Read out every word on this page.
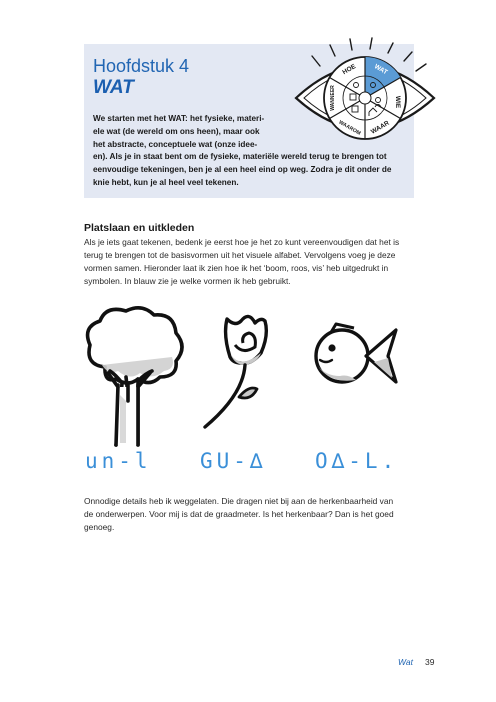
Hoofdstuk 4
WAT
We starten met het WAT: het fysieke, materi-
ele wat (de wereld om ons heen), maar ook
het abstracte, conceptuele wat (onze idee-
en). Als je in staat bent om de fysieke, materiële wereld terug te brengen tot
eenvoudige tekeningen, ben je al een heel eind op weg. Zodra je dit onder de
knie hebt, kun je al heel veel tekenen.
WAT
WIE
WAAR
WAAROM
WANNEER
HOE
Platslaan en uitkleden
Als je iets gaat tekenen, bedenk je eerst hoe je het zo kunt vereenvoudigen dat het is
terug te brengen tot de basisvormen uit het visuele alfabet. Vervolgens voeg je deze
vormen samen. Hieronder laat ik zien hoe ik het ‘boom, roos, vis’ heb uitgedrukt in
symbolen. In blauw zie je welke vormen ik heb gebruikt.
un-l GU-∆ O∆-L.
Onnodige details heb ik weggelaten. Die dragen niet bij aan de herkenbaarheid van
de onderwerpen. Voor mij is dat de graadmeter. Is het herkenbaar? Dan is het goed
genoeg.
Wat 39
